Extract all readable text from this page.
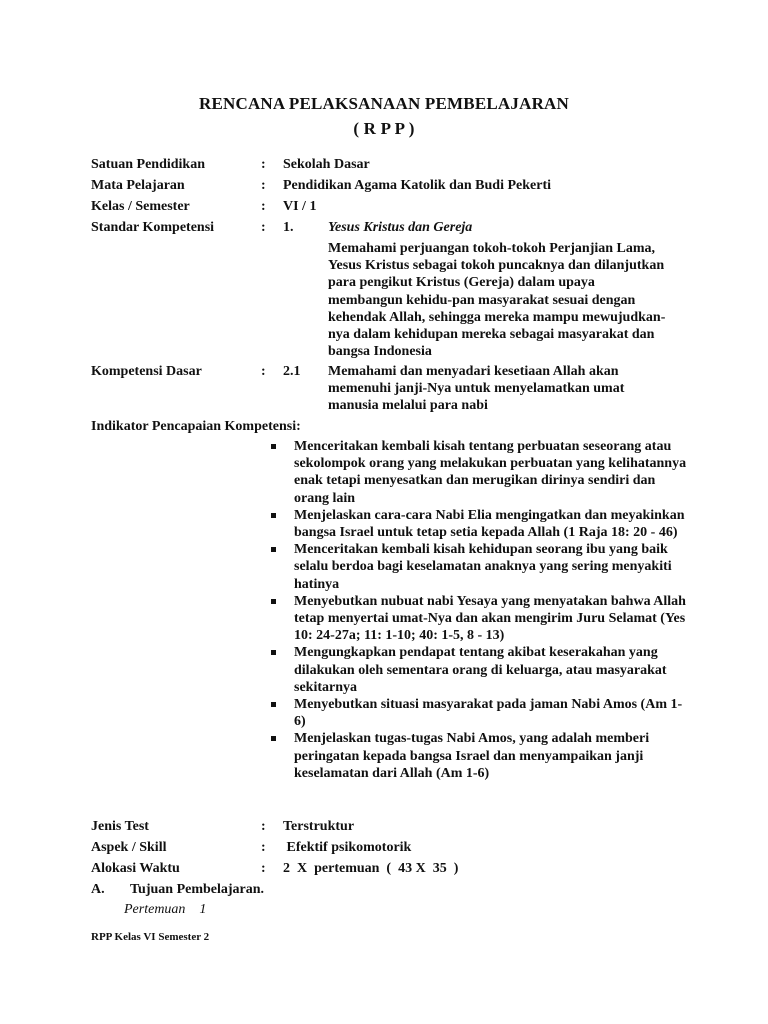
RENCANA PELAKSANAAN PEMBELAJARAN
( R P P )
Satuan Pendidikan	: Sekolah Dasar
Mata Pelajaran	: Pendidikan Agama Katolik dan Budi Pekerti
Kelas / Semester	: VI / 1
Standar Kompetensi	: 1. Yesus Kristus dan Gereja

Memahami perjuangan tokoh-tokoh Perjanjian Lama, Yesus Kristus sebagai tokoh puncaknya dan dilanjutkan para pengikut Kristus (Gereja) dalam upaya membangun kehidu-pan masyarakat sesuai dengan kehendak Allah, sehingga mereka mampu mewujudkan-nya dalam kehidupan mereka sebagai masyarakat dan bangsa Indonesia

Kompetensi Dasar	: 2.1 Memahami dan menyadari kesetiaan Allah akan memenuhi janji-Nya untuk menyelamatkan umat manusia melalui para nabi

Indikator Pencapaian Kompetensi:
Menceritakan kembali kisah tentang perbuatan seseorang atau sekolompok orang yang melakukan perbuatan yang kelihatannya enak tetapi menyesatkan dan merugikan dirinya sendiri dan orang lain
Menjelaskan cara-cara Nabi Elia mengingatkan dan meyakinkan bangsa Israel untuk tetap setia kepada Allah (1 Raja 18: 20 - 46)
Menceritakan kembali kisah kehidupan seorang ibu yang baik selalu berdoa bagi keselamatan anaknya yang sering menyakiti hatinya
Menyebutkan nubuat nabi Yesaya yang menyatakan bahwa Allah tetap menyertai umat-Nya dan akan mengirim Juru Selamat (Yes 10: 24-27a; 11: 1-10; 40: 1-5, 8 - 13)
Mengungkapkan pendapat tentang akibat keserakahan yang dilakukan oleh sementara orang di keluarga, atau masyarakat sekitarnya
Menyebutkan situasi masyarakat pada jaman Nabi Amos (Am 1-6)
Menjelaskan tugas-tugas Nabi Amos, yang adalah memberi peringatan kepada bangsa Israel dan menyampaikan janji keselamatan dari Allah (Am 1-6)
Jenis Test	: Terstruktur
Aspek / Skill	: Efektif psikomotorik
Alokasi Waktu	: 2  X  pertemuan  (  43 X  35  )
A. Tujuan Pembelajaran.
Pertemuan    1
RPP Kelas VI Semester 2
